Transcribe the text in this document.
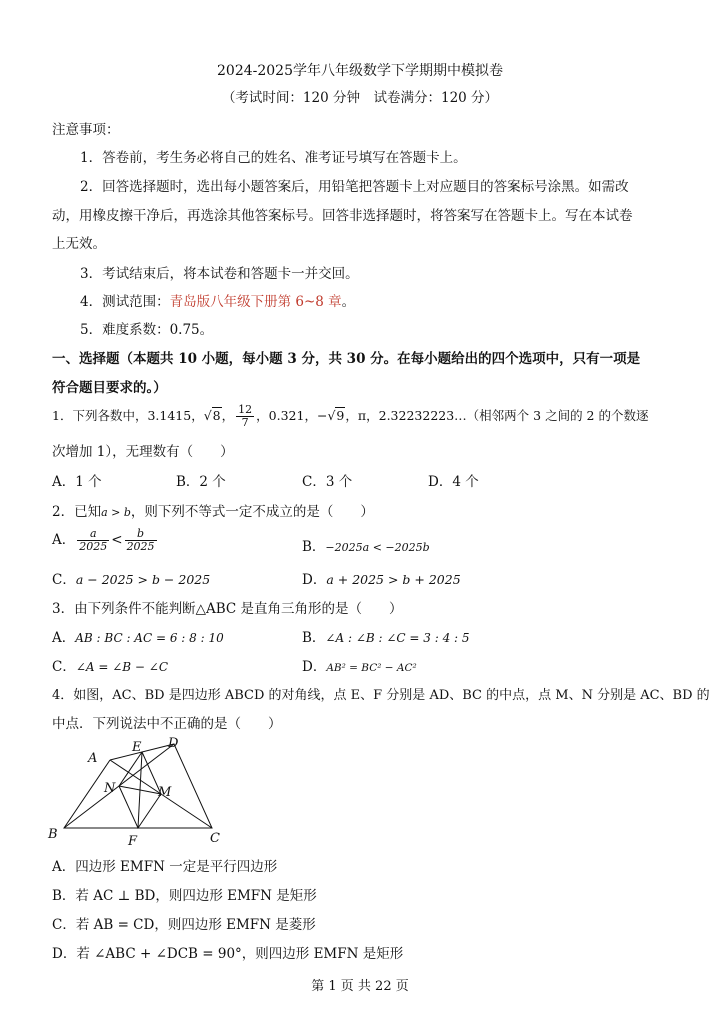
2024-2025学年八年级数学下学期期中模拟卷
（考试时间：120 分钟　试卷满分：120 分）
注意事项：
1．答卷前，考生务必将自己的姓名、准考证号填写在答题卡上。
2．回答选择题时，选出每小题答案后，用铅笔把答题卡上对应题目的答案标号涂黑。如需改
动，用橡皮擦干净后，再选涂其他答案标号。回答非选择题时，将答案写在答题卡上。写在本试卷
上无效。
3．考试结束后，将本试卷和答题卡一并交回。
4．测试范围：青岛版八年级下册第 6~8 章。
5．难度系数：0.75。
一、选择题（本题共 10 小题，每小题 3 分，共 30 分。在每小题给出的四个选项中，只有一项是
符合题目要求的。）
1．下列各数中，3.1415，√8， $\frac{12}{7}$ ，0.321，−√9，π，2.32232223…（相邻两个 3 之间的 2 的个数逐
次增加 1），无理数有（　　）
A．1 个	B．2 个	C．3 个	D．4 个
2．已知a > b，则下列不等式一定不成立的是（　　）
A． $\frac{a}{2025} < \frac{b}{2025}$	B．−2025a < −2025b
C．a − 2025 > b − 2025	D．a + 2025 > b + 2025
3．由下列条件不能判断△ABC 是直角三角形的是（　　）
A．AB : BC : AC = 6 : 8 : 10	B．∠A : ∠B : ∠C = 3 : 4 : 5
C．∠A = ∠B − ∠C	D．AB² = BC² − AC²
4．如图，AC、BD 是四边形 ABCD 的对角线，点 E、F 分别是 AD、BC 的中点，点 M、N 分别是 AC、BD 的
中点．下列说法中不正确的是（　　）
A
E D
N	M
B	F	C
A．四边形 EMFN 一定是平行四边形
B．若 AC ⊥ BD，则四边形 EMFN 是矩形
C．若 AB = CD，则四边形 EMFN 是菱形
D．若 ∠ABC + ∠DCB = 90°，则四边形 EMFN 是矩形
第 1 页 共 22 页
